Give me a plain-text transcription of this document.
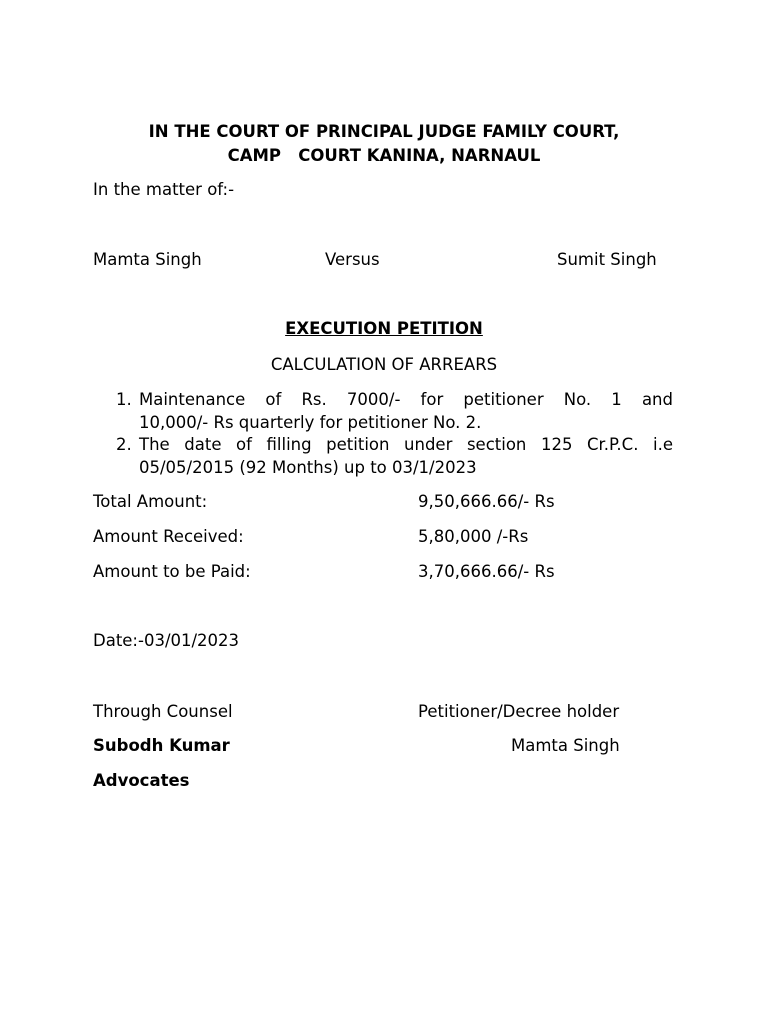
IN THE COURT OF PRINCIPAL JUDGE FAMILY COURT,
CAMP   COURT KANINA, NARNAUL
In the matter of:-
Mamta Singh	Versus	Sumit Singh
EXECUTION PETITION
CALCULATION OF ARREARS
1. Maintenance of Rs. 7000/- for petitioner No. 1 and
10,000/- Rs quarterly for petitioner No. 2.
2. The date of filling petition under section 125 Cr.P.C. i.e
05/05/2015 (92 Months) up to 03/1/2023
Total Amount:	9,50,666.66/- Rs
Amount Received:	5,80,000 /-Rs
Amount to be Paid:	3,70,666.66/- Rs
Date:-03/01/2023
Through Counsel	Petitioner/Decree holder
Subodh Kumar	Mamta Singh
Advocates
